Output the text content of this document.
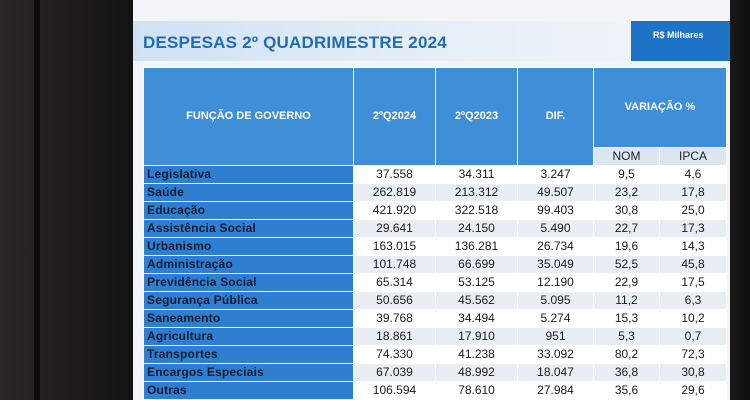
DESPESAS 2º QUADRIMESTRE 2024	R$ Milhares
FUNÇÃO DE GOVERNO	2ºQ2024	2ºQ2023	DIF.	VARIAÇÃO %	
				NOM	IPCA
Legislativa	37.558	34.311	3.247	9,5	4,6
Saúde	262.819	213.312	49.507	23,2	17,8
Educação	421.920	322.518	99.403	30,8	25,0
Assistência Social	29.641	24.150	5.490	22,7	17,3
Urbanismo	163.015	136.281	26.734	19,6	14,3
Administração	101.748	66.699	35.049	52,5	45,8
Previdência Social	65.314	53.125	12.190	22,9	17,5
Segurança Pública	50.656	45.562	5.095	11,2	6,3
Saneamento	39.768	34.494	5.274	15,3	10,2
Agricultura	18.861	17.910	951	5,3	0,7
Transportes	74.330	41.238	33.092	80,2	72,3
Encargos Especiais	67.039	48.992	18.047	36,8	30,8
Outras	106.594	78.610	27.984	35,6	29,6
